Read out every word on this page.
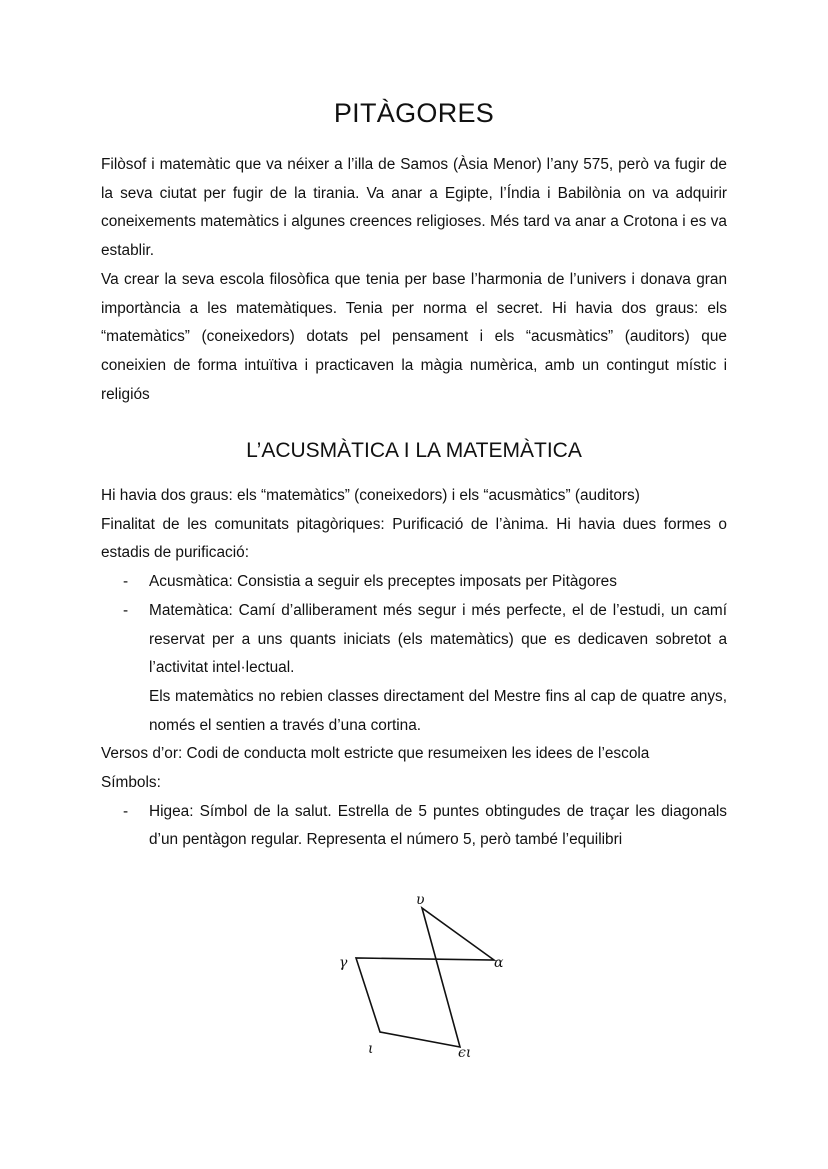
PITÀGORES

Filòsof i matemàtic que va néixer a l’illa de Samos (Àsia Menor) l’any 575, però va fugir de la seva ciutat per fugir de la tirania. Va anar a Egipte, l’Índia i Babilònia on va adquirir coneixements matemàtics i algunes creences religioses. Més tard va anar a Crotona i es va establir.

Va crear la seva escola filosòfica que tenia per base l’harmonia de l’univers i donava gran importància a les matemàtiques. Tenia per norma el secret. Hi havia dos graus: els “matemàtics” (coneixedors) dotats pel pensament i els “acusmàtics” (auditors) que coneixien de forma intuïtiva i practicaven la màgia numèrica, amb un contingut místic i religiós

L’ACUSMÀTICA I LA MATEMÀTICA

Hi havia dos graus: els “matemàtics” (coneixedors) i els “acusmàtics” (auditors)

Finalitat de les comunitats pitagòriques: Purificació de l’ànima. Hi havia dues formes o estadis de purificació:

- Acusmàtica: Consistia a seguir els preceptes imposats per Pitàgores

- Matemàtica: Camí d’alliberament més segur i més perfecte, el de l’estudi, un camí reservat per a uns quants iniciats (els matemàtics) que es dedicaven sobretot a l’activitat intel·lectual.

Els matemàtics no rebien classes directament del Mestre fins al cap de quatre anys, només el sentien a través d’una cortina.

Versos d’or: Codi de conducta molt estricte que resumeixen les idees de l’escola

Símbols:

- Higea: Símbol de la salut. Estrella de 5 puntes obtingudes de traçar les diagonals d’un pentàgon regular. Representa el número 5, però també l’equilibri

υ
γ	α
ι	ϵι
